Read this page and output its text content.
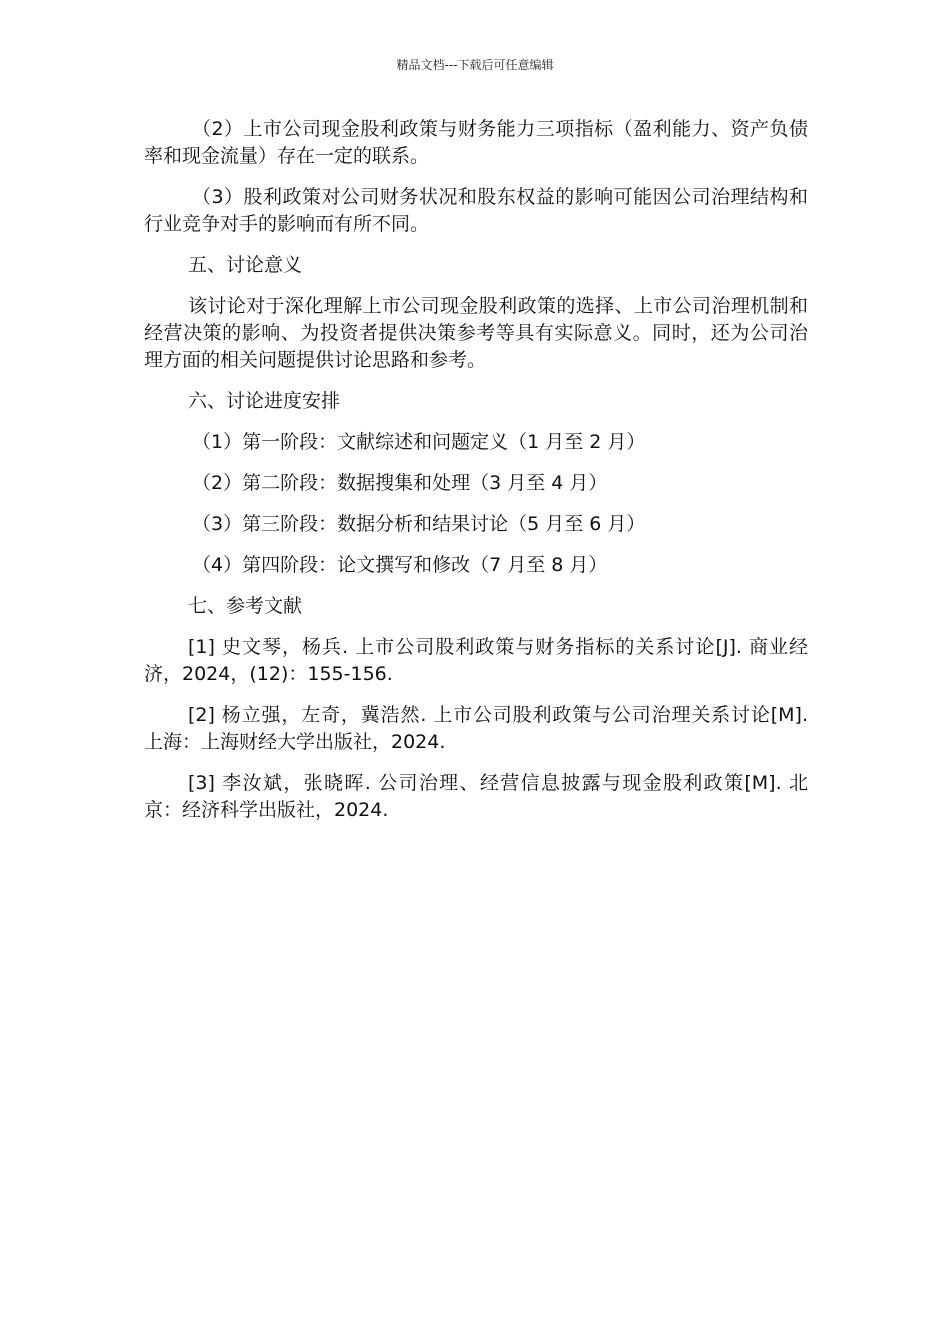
精品文档---下载后可任意编辑

（2）上市公司现金股利政策与财务能力三项指标（盈利能力、资产负债率和现金流量）存在一定的联系。

（3）股利政策对公司财务状况和股东权益的影响可能因公司治理结构和行业竞争对手的影响而有所不同。

五、讨论意义

该讨论对于深化理解上市公司现金股利政策的选择、上市公司治理机制和经营决策的影响、为投资者提供决策参考等具有实际意义。同时，还为公司治理方面的相关问题提供讨论思路和参考。

六、讨论进度安排

（1）第一阶段：文献综述和问题定义（1 月至 2 月）

（2）第二阶段：数据搜集和处理（3 月至 4 月）

（3）第三阶段：数据分析和结果讨论（5 月至 6 月）

（4）第四阶段：论文撰写和修改（7 月至 8 月）

七、参考文献

[1] 史文琴，杨兵. 上市公司股利政策与财务指标的关系讨论[J]. 商业经济，2024，(12)：155-156.

[2] 杨立强，左奇，冀浩然. 上市公司股利政策与公司治理关系讨论[M]. 上海：上海财经大学出版社，2024.

[3] 李汝斌，张晓晖. 公司治理、经营信息披露与现金股利政策[M]. 北京：经济科学出版社，2024.
